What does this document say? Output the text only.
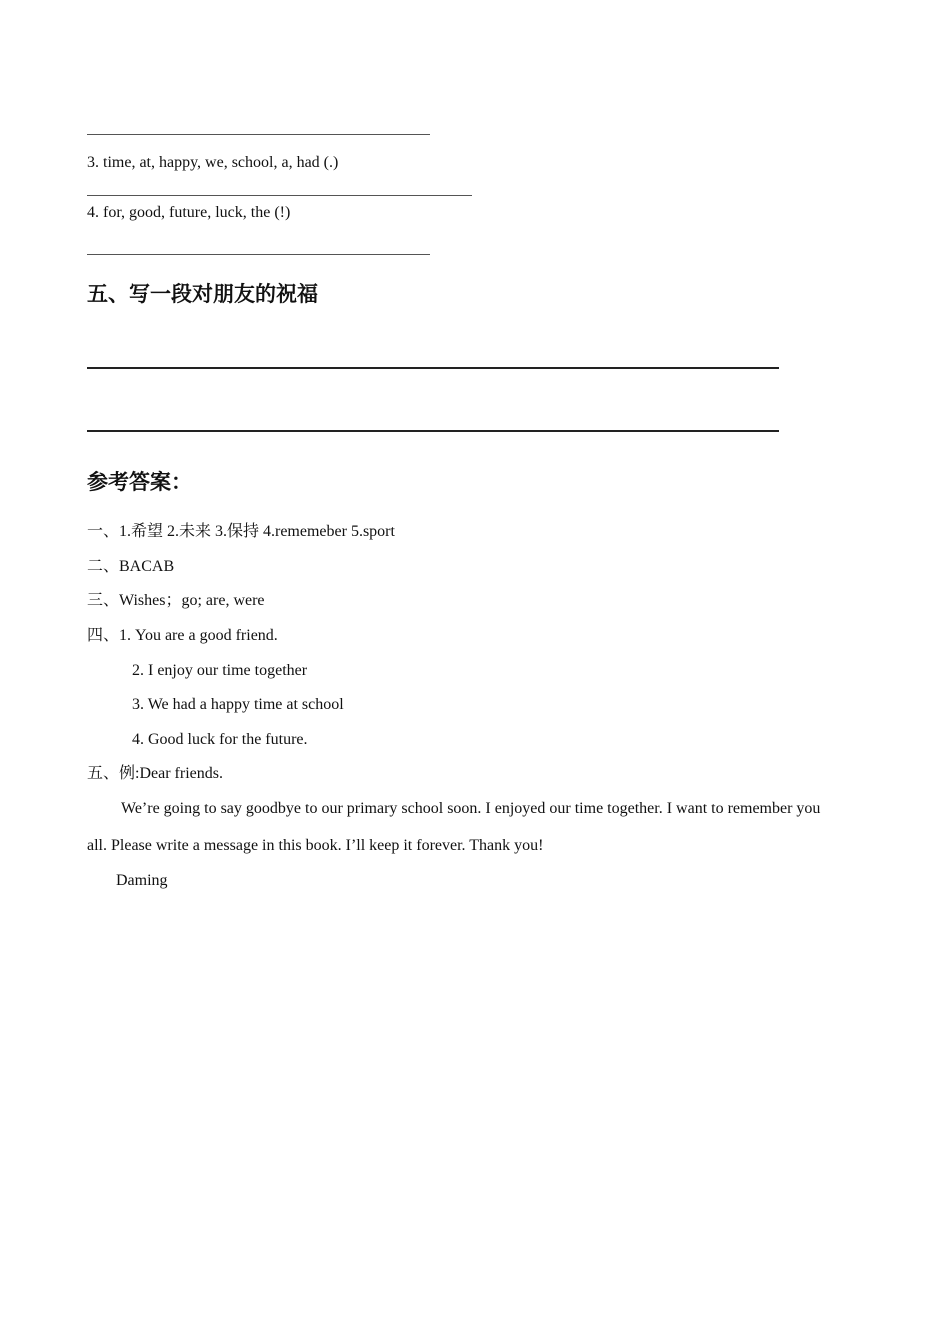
3. time, at, happy, we, school, a, had (.)
4. for, good, future, luck, the (!)
五、写一段对朋友的祝福
参考答案：
一、1.希望 2.未来 3.保持 4.rememeber 5.sport
二、BACAB
三、Wishes；go; are, were
四、1. You are a good friend.
2. I enjoy our time together
3. We had a happy time at school
4. Good luck for the future.
五、例:Dear friends.
We’re going to say goodbye to our primary school soon. I enjoyed our time together. I want to remember you
all. Please write a message in this book. I’ll keep it forever. Thank you!
Daming
